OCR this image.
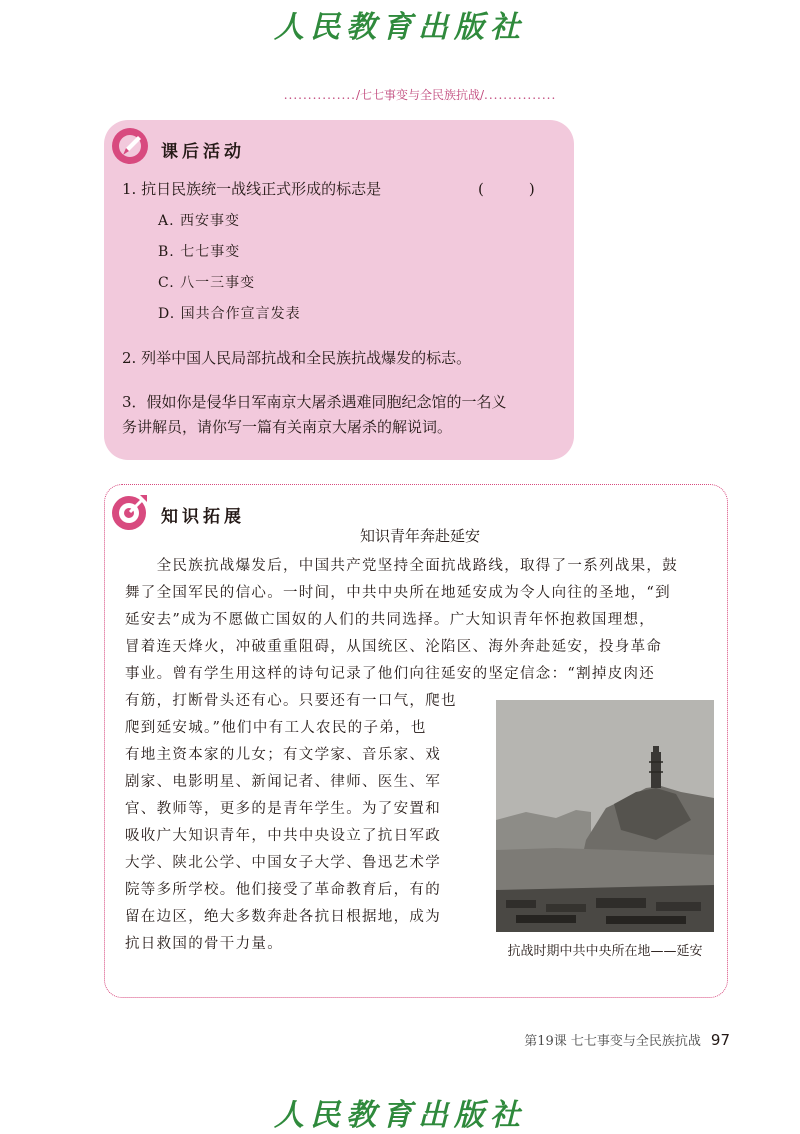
人民教育出版社
.............../七七事变与全民族抗战/...............
课后活动
1. 抗日民族统一战线正式形成的标志是	(　　　)
A. 西安事变
B. 七七事变
C. 八一三事变
D. 国共合作宣言发表
2. 列举中国人民局部抗战和全民族抗战爆发的标志。
3．假如你是侵华日军南京大屠杀遇难同胞纪念馆的一名义
务讲解员，请你写一篇有关南京大屠杀的解说词。
知识拓展
知识青年奔赴延安
　　全民族抗战爆发后，中国共产党坚持全面抗战路线，取得了一系列战果，鼓
舞了全国军民的信心。一时间，中共中央所在地延安成为令人向往的圣地，“到
延安去”成为不愿做亡国奴的人们的共同选择。广大知识青年怀抱救国理想，
冒着连天烽火，冲破重重阻碍，从国统区、沦陷区、海外奔赴延安，投身革命
事业。曾有学生用这样的诗句记录了他们向往延安的坚定信念：“割掉皮肉还
有筋，打断骨头还有心。只要还有一口气，爬也
爬到延安城。”他们中有工人农民的子弟，也
有地主资本家的儿女；有文学家、音乐家、戏
剧家、电影明星、新闻记者、律师、医生、军
官、教师等，更多的是青年学生。为了安置和
吸收广大知识青年，中共中央设立了抗日军政
大学、陕北公学、中国女子大学、鲁迅艺术学
院等多所学校。他们接受了革命教育后，有的
留在边区，绝大多数奔赴各抗日根据地，成为
抗日救国的骨干力量。	抗战时期中共中央所在地——延安
第19课 七七事变与全民族抗战 97
人民教育出版社
